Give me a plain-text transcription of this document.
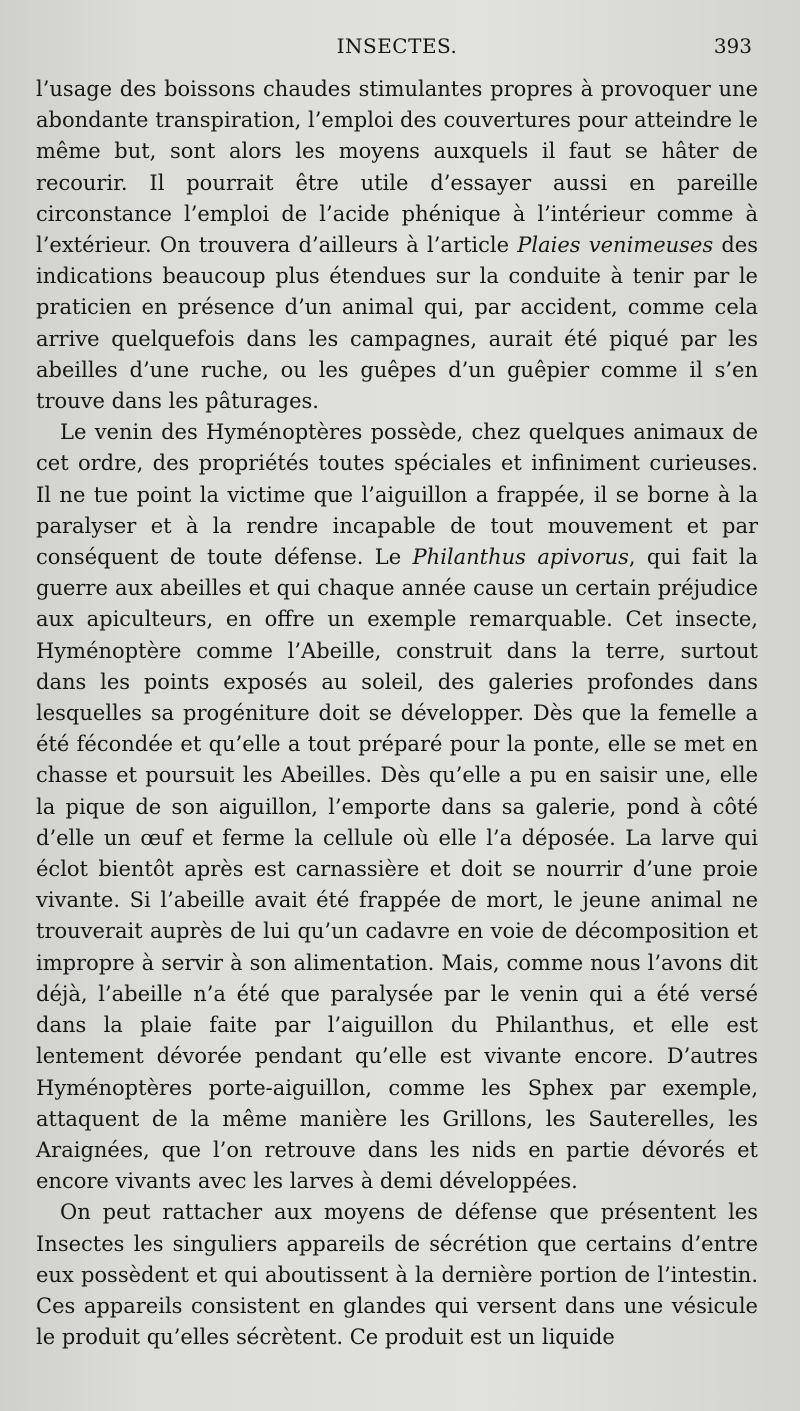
INSECTES.	393

l’usage des boissons chaudes stimulantes propres à provoquer une abondante transpiration, l’emploi des couvertures pour atteindre le même but, sont alors les moyens auxquels il faut se hâter de recourir. Il pourrait être utile d’essayer aussi en pareille circonstance l’emploi de l’acide phénique à l’intérieur comme à l’extérieur. On trouvera d’ailleurs à l’article Plaies venimeuses des indications beaucoup plus étendues sur la conduite à tenir par le praticien en présence d’un animal qui, par accident, comme cela arrive quelquefois dans les campagnes, aurait été piqué par les abeilles d’une ruche, ou les guêpes d’un guêpier comme il s’en trouve dans les pâturages.

Le venin des Hyménoptères possède, chez quelques animaux de cet ordre, des propriétés toutes spéciales et infiniment curieuses. Il ne tue point la victime que l’aiguillon a frappée, il se borne à la paralyser et à la rendre incapable de tout mouvement et par conséquent de toute défense. Le Philanthus apivorus, qui fait la guerre aux abeilles et qui chaque année cause un certain préjudice aux apiculteurs, en offre un exemple remarquable. Cet insecte, Hyménoptère comme l’Abeille, construit dans la terre, surtout dans les points exposés au soleil, des galeries profondes dans lesquelles sa progéniture doit se développer. Dès que la femelle a été fécondée et qu’elle a tout préparé pour la ponte, elle se met en chasse et poursuit les Abeilles. Dès qu’elle a pu en saisir une, elle la pique de son aiguillon, l’emporte dans sa galerie, pond à côté d’elle un œuf et ferme la cellule où elle l’a déposée. La larve qui éclot bientôt après est carnassière et doit se nourrir d’une proie vivante. Si l’abeille avait été frappée de mort, le jeune animal ne trouverait auprès de lui qu’un cadavre en voie de décomposition et impropre à servir à son alimentation. Mais, comme nous l’avons dit déjà, l’abeille n’a été que paralysée par le venin qui a été versé dans la plaie faite par l’aiguillon du Philanthus, et elle est lentement dévorée pendant qu’elle est vivante encore. D’autres Hyménoptères porte-aiguillon, comme les Sphex par exemple, attaquent de la même manière les Grillons, les Sauterelles, les Araignées, que l’on retrouve dans les nids en partie dévorés et encore vivants avec les larves à demi développées.

On peut rattacher aux moyens de défense que présentent les Insectes les singuliers appareils de sécrétion que certains d’entre eux possèdent et qui aboutissent à la dernière portion de l’intestin. Ces appareils consistent en glandes qui versent dans une vésicule le produit qu’elles sécrètent. Ce produit est un liquide
